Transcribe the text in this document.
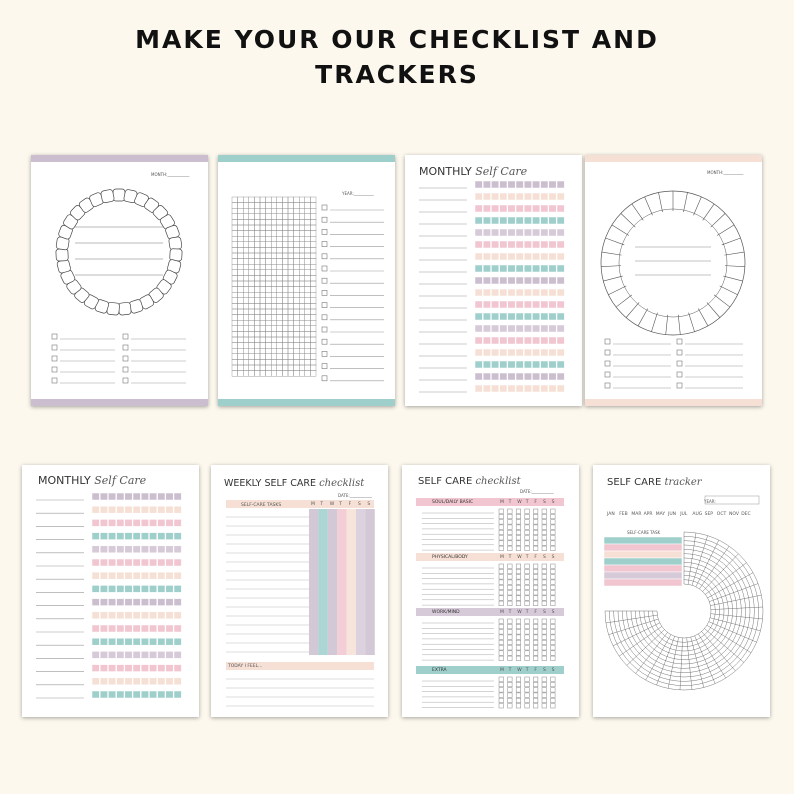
MAKE YOUR OUR CHECKLIST AND
TRACKERS
MONTH:___________
YEAR:__________
MONTHLY Self Care	MONTH:__________
MONTHLY Self Care	WEEKLY SELF CARE checklist
DATE:___________
SELF-CARE TASKS	M T W T F S S
TODAY I FEEL...
SELF CARE checklist
DATE:___________
SOUL/DAILY BASIC	M T W T F S S
PHYSICAL/BODY	M T W T F S S
WORK/MIND	M T W T F S S
EXTRA	M T W T F S S
SELF CARE tracker
YEAR:
JAN FEB MAR APR MAY JUN JUL AUG SEP OCT NOV DEC
SELF-CARE TASK
